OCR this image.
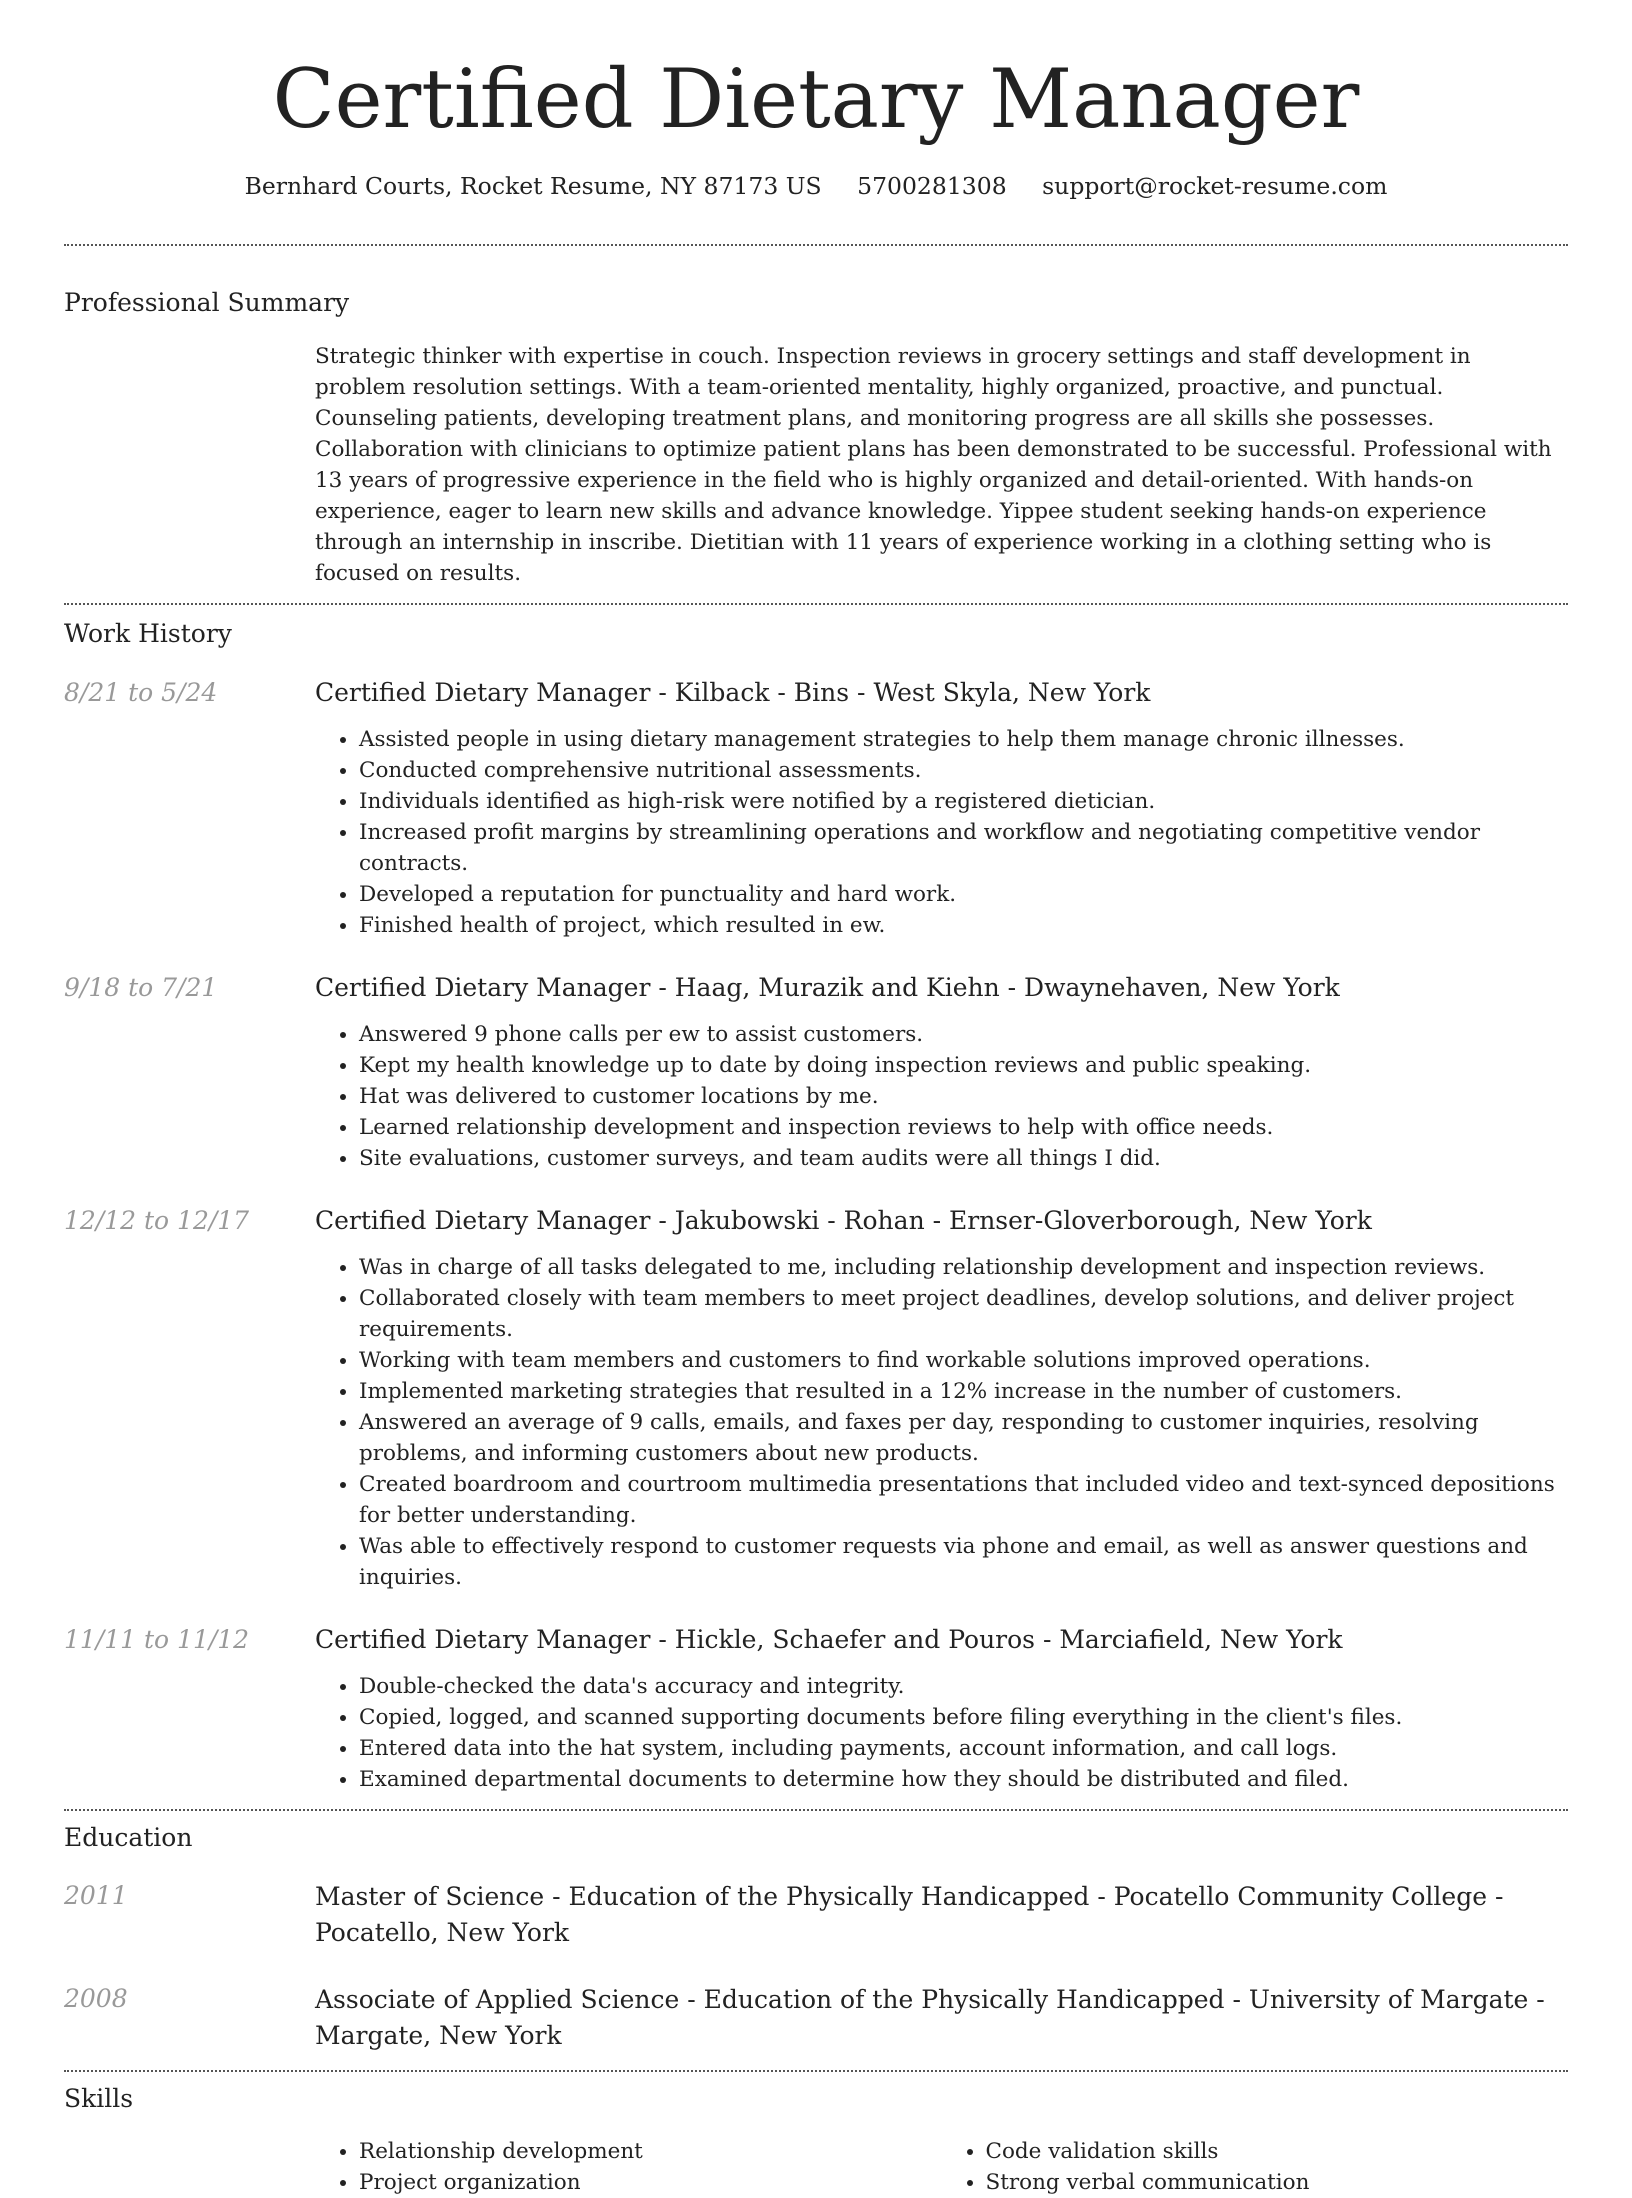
Certified Dietary Manager
Bernhard Courts, Rocket Resume, NY 87173 US 5700281308 support@rocket-resume.com
Professional Summary
Strategic thinker with expertise in couch. Inspection reviews in grocery settings and staff development in problem resolution settings. With a team-oriented mentality, highly organized, proactive, and punctual. Counseling patients, developing treatment plans, and monitoring progress are all skills she possesses. Collaboration with clinicians to optimize patient plans has been demonstrated to be successful. Professional with 13 years of progressive experience in the field who is highly organized and detail-oriented. With hands-on experience, eager to learn new skills and advance knowledge. Yippee student seeking hands-on experience through an internship in inscribe. Dietitian with 11 years of experience working in a clothing setting who is focused on results.
Work History
8/21 to 5/24	Certified Dietary Manager - Kilback - Bins - West Skyla, New York
• Assisted people in using dietary management strategies to help them manage chronic illnesses.
• Conducted comprehensive nutritional assessments.
• Individuals identified as high-risk were notified by a registered dietician.
• Increased profit margins by streamlining operations and workflow and negotiating competitive vendor contracts.
• Developed a reputation for punctuality and hard work.
• Finished health of project, which resulted in ew.
9/18 to 7/21	Certified Dietary Manager - Haag, Murazik and Kiehn - Dwaynehaven, New York
• Answered 9 phone calls per ew to assist customers.
• Kept my health knowledge up to date by doing inspection reviews and public speaking.
• Hat was delivered to customer locations by me.
• Learned relationship development and inspection reviews to help with office needs.
• Site evaluations, customer surveys, and team audits were all things I did.
12/12 to 12/17	Certified Dietary Manager - Jakubowski - Rohan - Ernser-Gloverborough, New York
• Was in charge of all tasks delegated to me, including relationship development and inspection reviews.
• Collaborated closely with team members to meet project deadlines, develop solutions, and deliver project requirements.
• Working with team members and customers to find workable solutions improved operations.
• Implemented marketing strategies that resulted in a 12% increase in the number of customers.
• Answered an average of 9 calls, emails, and faxes per day, responding to customer inquiries, resolving problems, and informing customers about new products.
• Created boardroom and courtroom multimedia presentations that included video and text-synced depositions for better understanding.
• Was able to effectively respond to customer requests via phone and email, as well as answer questions and inquiries.
11/11 to 11/12	Certified Dietary Manager - Hickle, Schaefer and Pouros - Marciafield, New York
• Double-checked the data's accuracy and integrity.
• Copied, logged, and scanned supporting documents before filing everything in the client's files.
• Entered data into the hat system, including payments, account information, and call logs.
• Examined departmental documents to determine how they should be distributed and filed.
Education
2011	Master of Science - Education of the Physically Handicapped - Pocatello Community College - Pocatello, New York
2008	Associate of Applied Science - Education of the Physically Handicapped - University of Margate - Margate, New York
Skills
• Relationship development
• Project organization
• Code validation skills
• Strong verbal communication
